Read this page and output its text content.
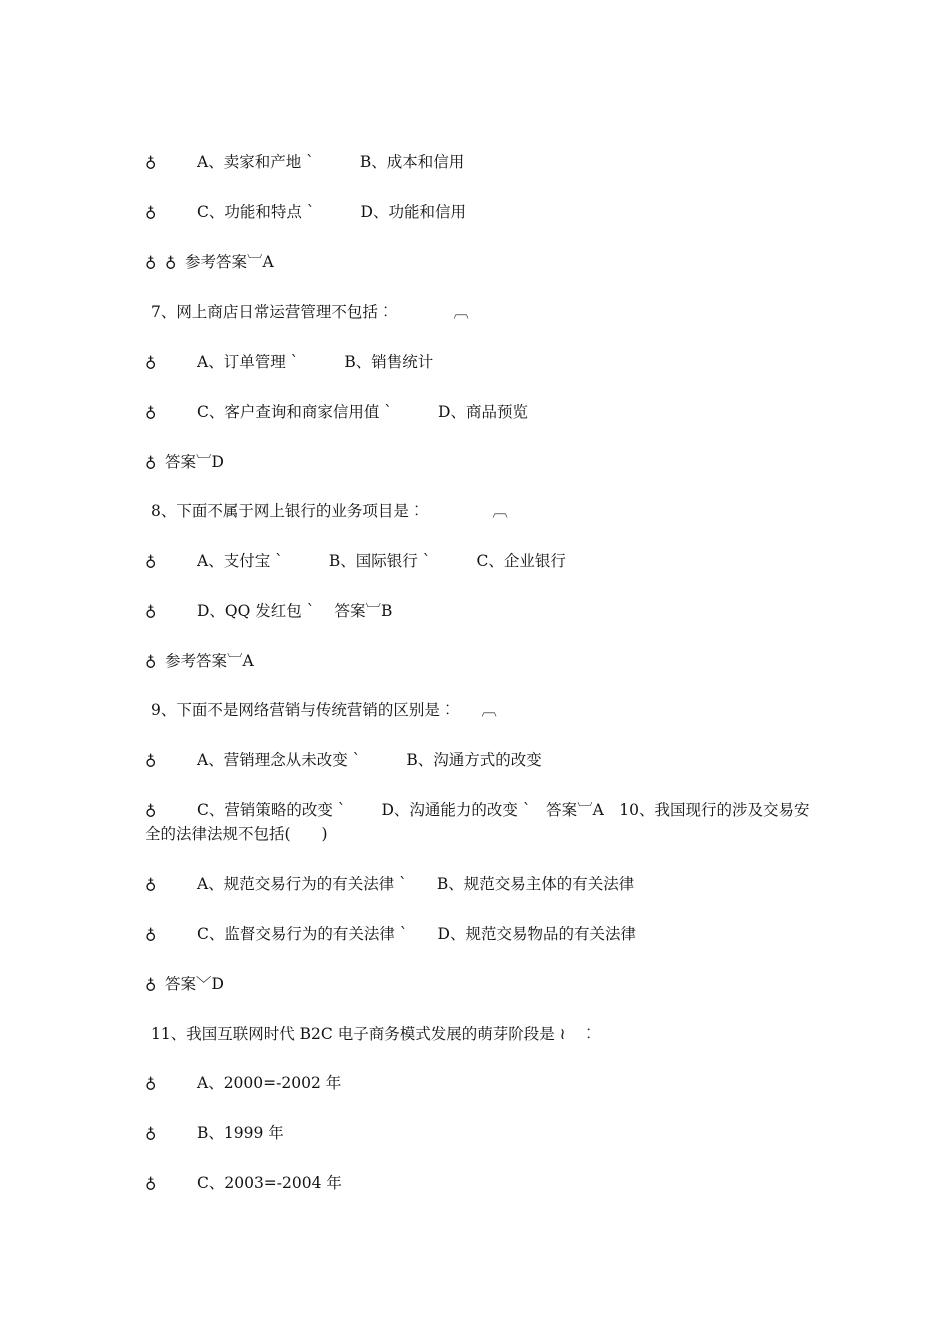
♁	A、卖家和产地 `	B、成本和信用
♁	C、功能和特点 `	D、功能和信用
♁ ♁ 参考答案︺A
7、网上商店日常运营管理不包括︰	︹
♁	A、订单管理 `	B、销售统计
♁	C、客户查询和商家信用值 `	D、商品预览
♁ 答案︺D
8、下面不属于网上银行的业务项目是︰	︹
♁	A、支付宝 `	B、国际银行 `	C、企业银行
♁	D、QQ 发红包 ` 答案︺B
♁ 参考答案︺A
9、下面不是网络营销与传统营销的区别是︰ ︹
♁	A、营销理念从未改变 `	B、沟通方式的改变
♁	C、营销策略的改变 `　　 D、沟通能力的改变 `　答案︺A　10、我国现行的涉及交易安全的法律法规不包括(　　)
♁	A、规范交易行为的有关法律 ` B、规范交易主体的有关法律
♁	C、监督交易行为的有关法律 ` D、规范交易物品的有关法律
♁ 答案﹀D
11、我国互联网时代 B2C 电子商务模式发展的萌芽阶段是 ≀　︰
♁	A、2000=-2002 年
♁	B、1999 年
♁	C、2003=-2004 年
